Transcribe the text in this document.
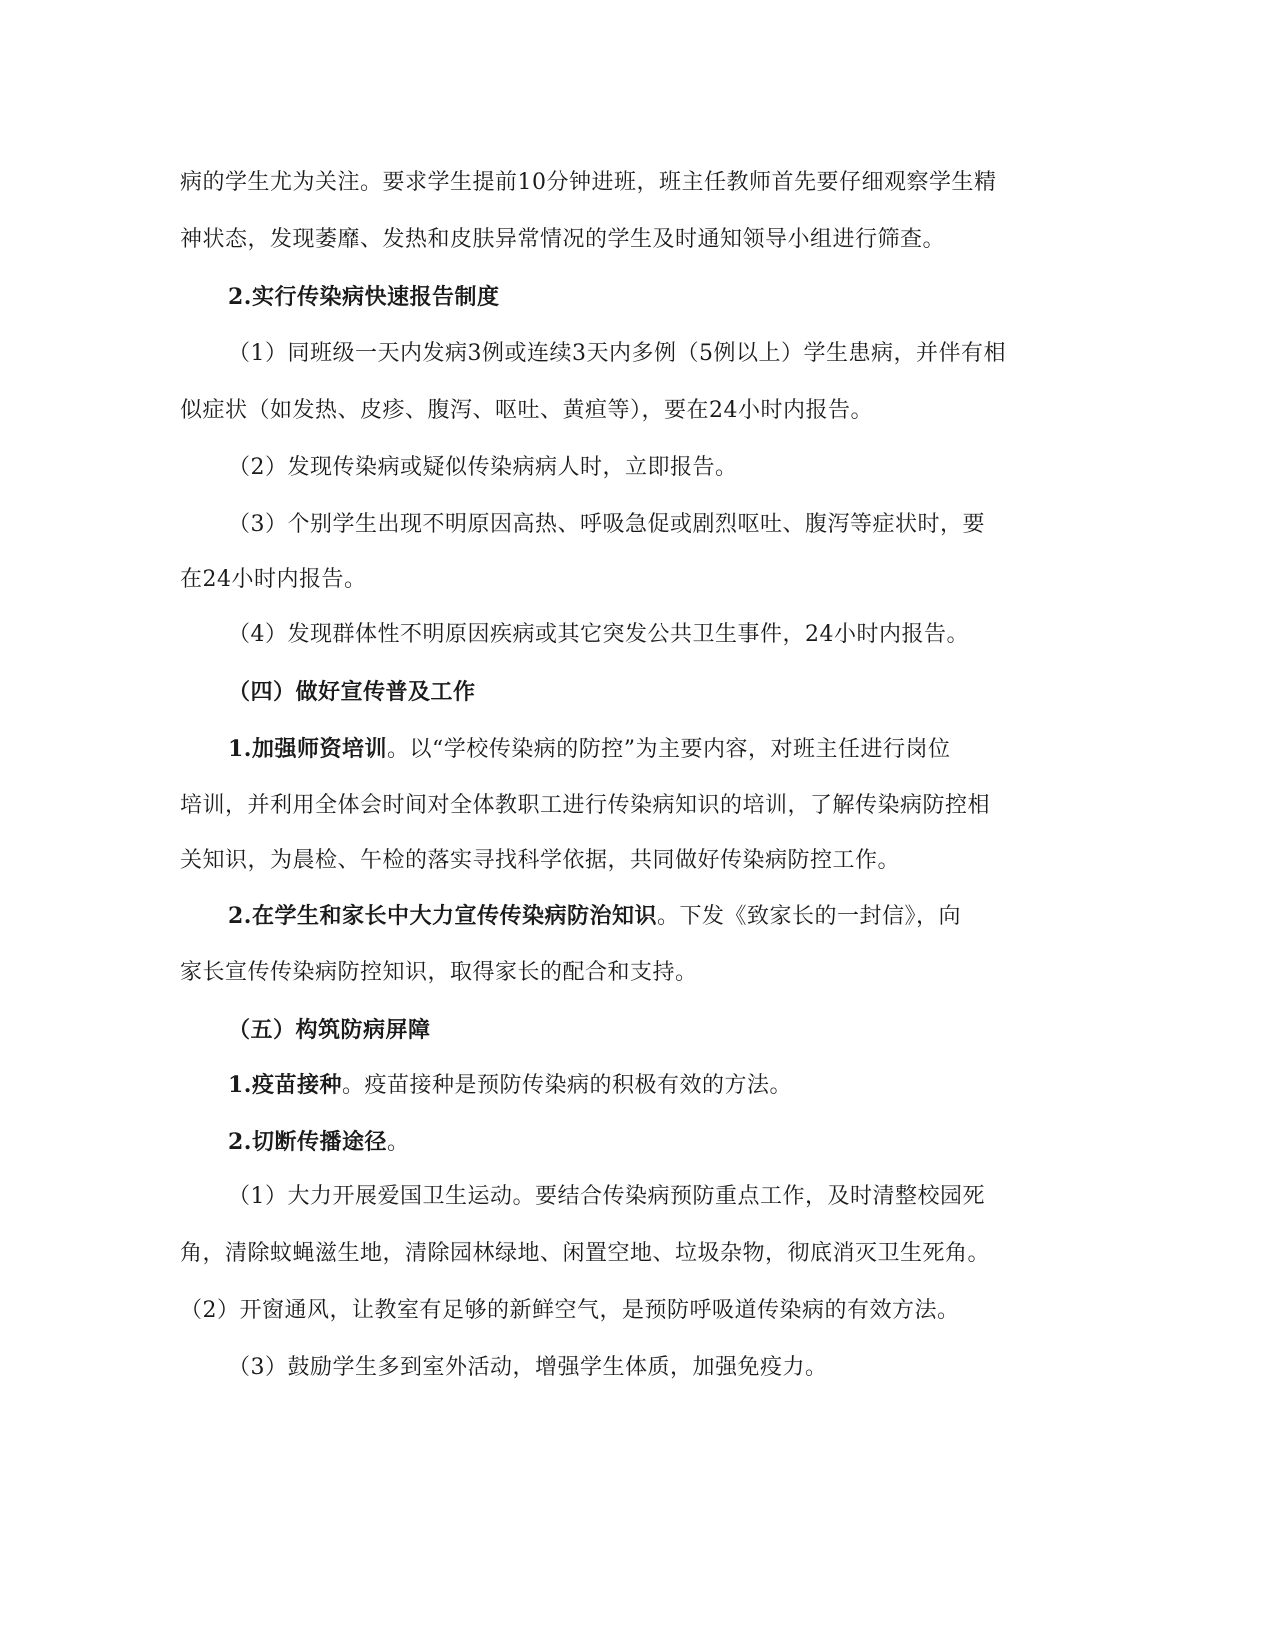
病的学生尤为关注。要求学生提前10分钟进班，班主任教师首先要仔细观察学生精
神状态，发现萎靡、发热和皮肤异常情况的学生及时通知领导小组进行筛查。
2.实行传染病快速报告制度
（1）同班级一天内发病3例或连续3天内多例（5例以上）学生患病，并伴有相
似症状（如发热、皮疹、腹泻、呕吐、黄疸等），要在24小时内报告。
（2）发现传染病或疑似传染病病人时，立即报告。
（3）个别学生出现不明原因高热、呼吸急促或剧烈呕吐、腹泻等症状时，要
在24小时内报告。
（4）发现群体性不明原因疾病或其它突发公共卫生事件，24小时内报告。
（四）做好宣传普及工作
1.加强师资培训。以“学校传染病的防控”为主要内容，对班主任进行岗位
培训，并利用全体会时间对全体教职工进行传染病知识的培训，了解传染病防控相
关知识，为晨检、午检的落实寻找科学依据，共同做好传染病防控工作。
2.在学生和家长中大力宣传传染病防治知识。下发《致家长的一封信》，向
家长宣传传染病防控知识，取得家长的配合和支持。
（五）构筑防病屏障
1.疫苗接种。疫苗接种是预防传染病的积极有效的方法。
2.切断传播途径。
（1）大力开展爱国卫生运动。要结合传染病预防重点工作，及时清整校园死
角，清除蚊蝇滋生地，清除园林绿地、闲置空地、垃圾杂物，彻底消灭卫生死角。
（2）开窗通风，让教室有足够的新鲜空气，是预防呼吸道传染病的有效方法。
（3）鼓励学生多到室外活动，增强学生体质，加强免疫力。
